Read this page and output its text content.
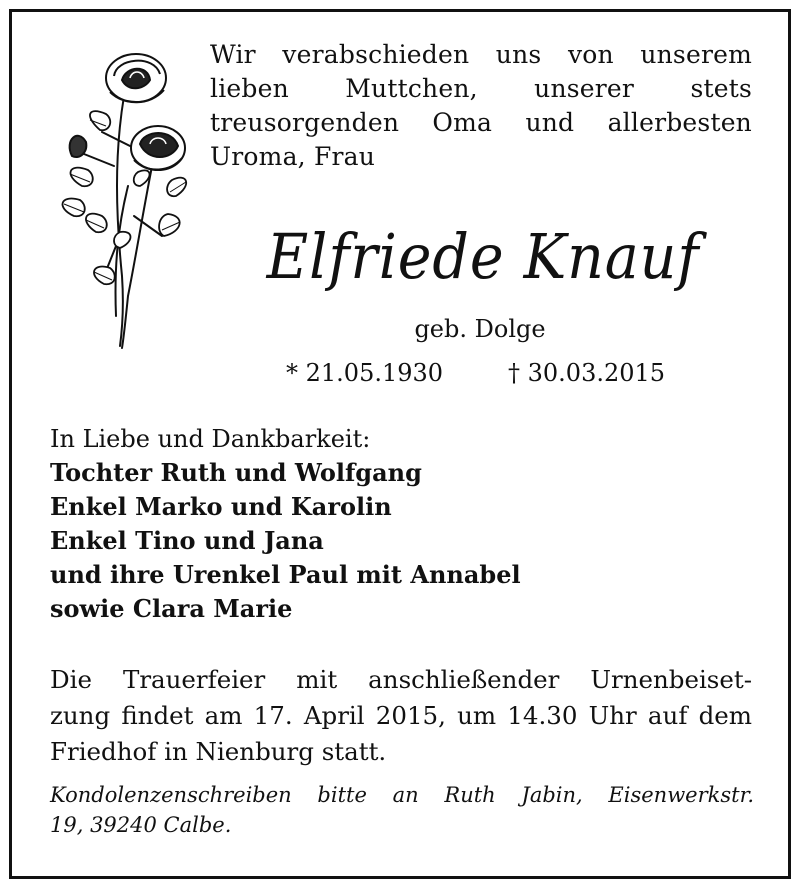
Wir verabschieden uns von unserem
lieben Muttchen, unserer stets
treusorgenden Oma und allerbesten
Uroma, Frau
Elfriede Knauf
geb. Dolge
* 21.05.1930	† 30.03.2015
In Liebe und Dankbarkeit:
Tochter Ruth und Wolfgang
Enkel Marko und Karolin
Enkel Tino und Jana
und ihre Urenkel Paul mit Annabel
sowie Clara Marie
Die Trauerfeier mit anschließender Urnenbeiset-
zung findet am 17. April 2015, um 14.30 Uhr auf dem
Friedhof in Nienburg statt.
Kondolenzenschreiben bitte an Ruth Jabin, Eisenwerkstr.
19, 39240 Calbe.
